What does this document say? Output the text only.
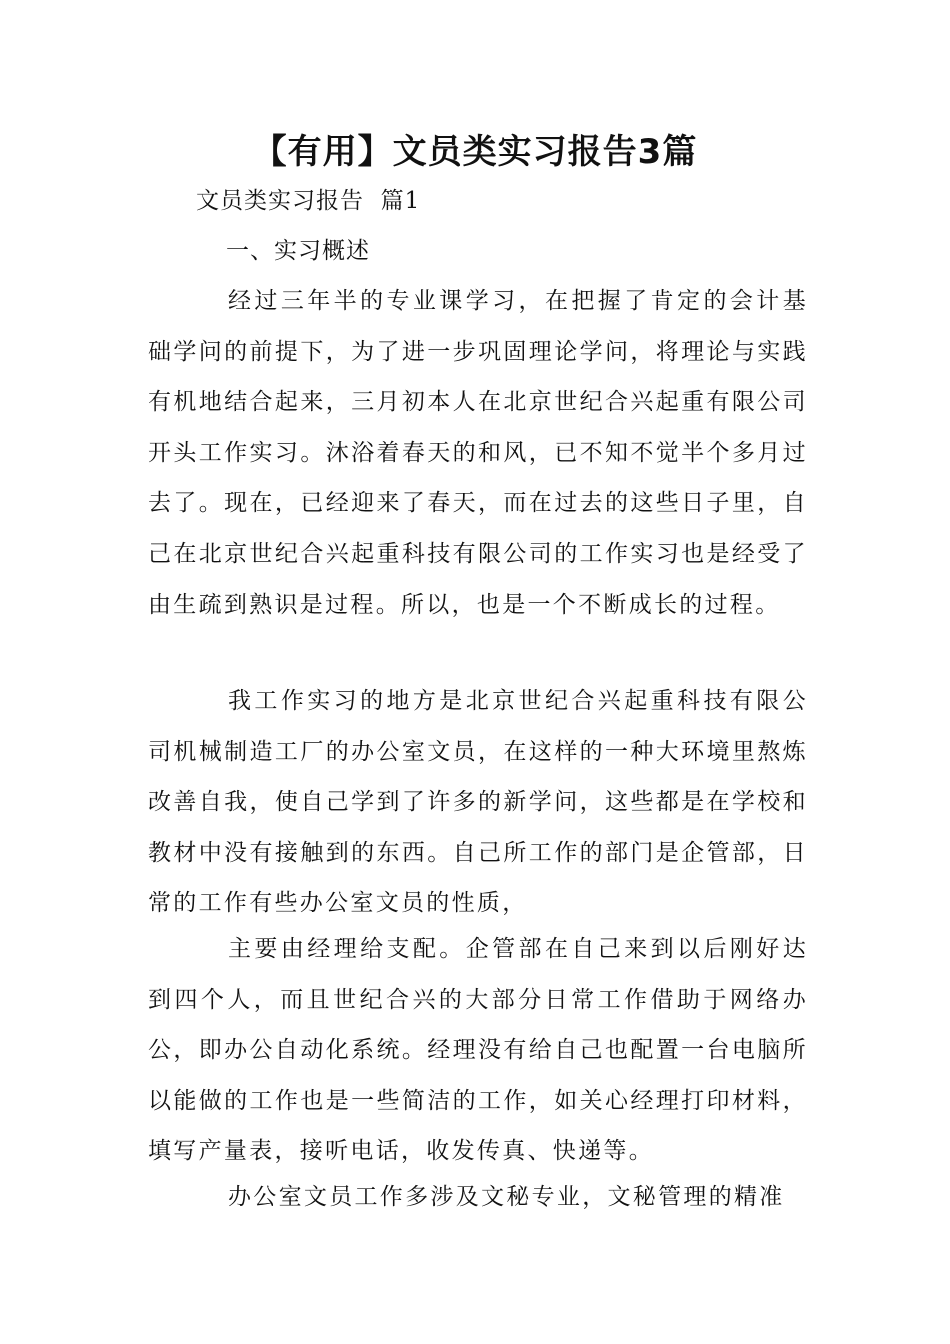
【有用】文员类实习报告3篇
文员类实习报告  篇1
一、实习概述

经过三年半的专业课学习，在把握了肯定的会计基础学问的前提下，为了进一步巩固理论学问，将理论与实践有机地结合起来，三月初本人在北京世纪合兴起重有限公司开头工作实习。沐浴着春天的和风，已不知不觉半个多月过去了。现在，已经迎来了春天，而在过去的这些日子里，自己在北京世纪合兴起重科技有限公司的工作实习也是经受了由生疏到熟识是过程。所以，也是一个不断成长的过程。

我工作实习的地方是北京世纪合兴起重科技有限公司机械制造工厂的办公室文员，在这样的一种大环境里熬炼改善自我，使自己学到了许多的新学问，这些都是在学校和教材中没有接触到的东西。自己所工作的部门是企管部，日常的工作有些办公室文员的性质，

主要由经理给支配。企管部在自己来到以后刚好达到四个人，而且世纪合兴的大部分日常工作借助于网络办公，即办公自动化系统。经理没有给自己也配置一台电脑所以能做的工作也是一些简洁的工作，如关心经理打印材料，填写产量表，接听电话，收发传真、快递等。

办公室文员工作多涉及文秘专业，文秘管理的精准
